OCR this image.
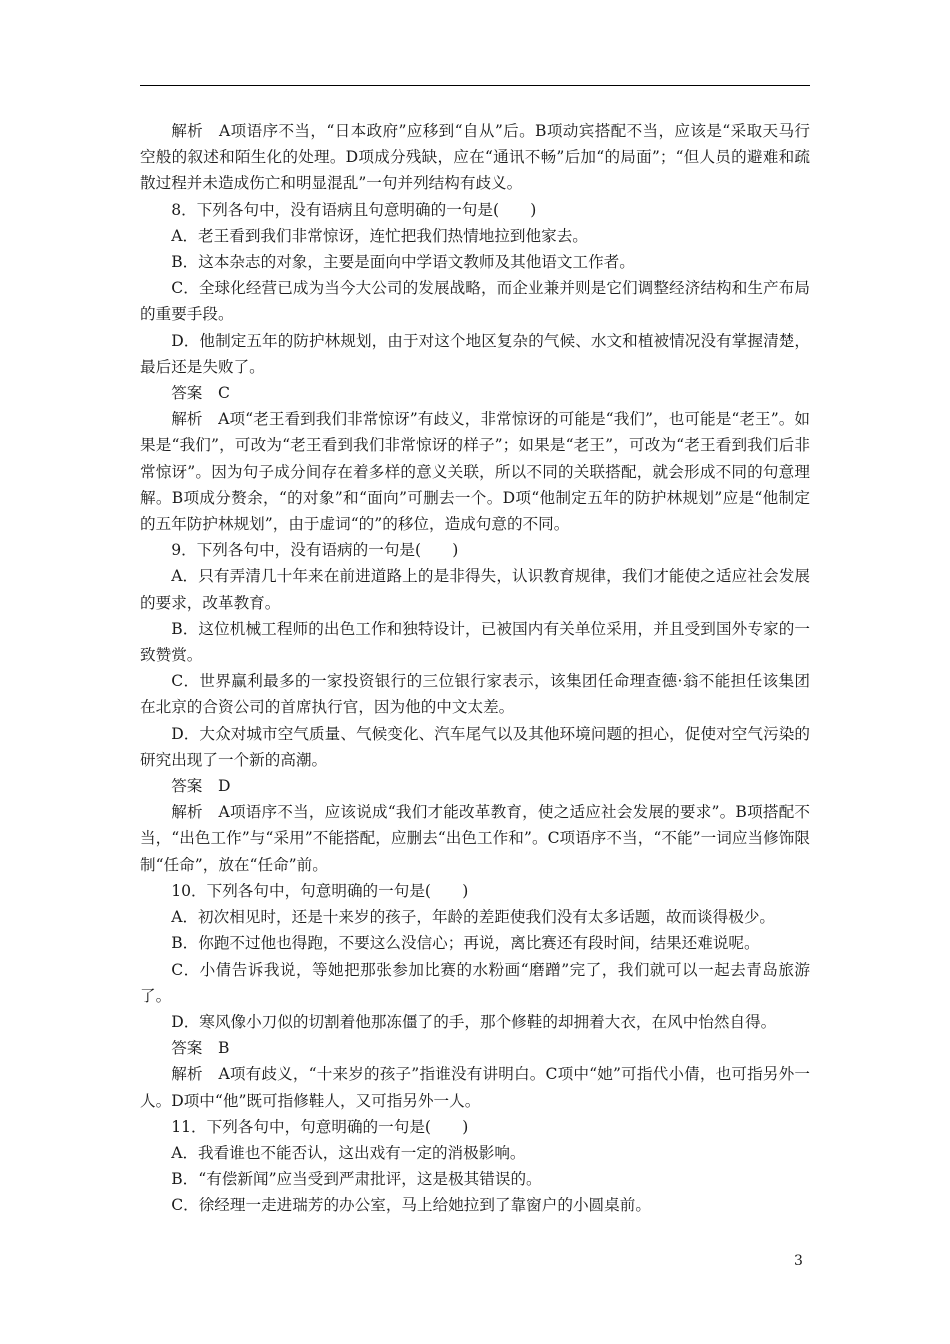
解析　A项语序不当，“日本政府”应移到“自从”后。B项动宾搭配不当，应该是“采取天马行空般的叙述和陌生化的处理。D项成分残缺，应在“通讯不畅”后加“的局面”；“但人员的避难和疏散过程并未造成伤亡和明显混乱”一句并列结构有歧义。

8．下列各句中，没有语病且句意明确的一句是(　　)

A．老王看到我们非常惊讶，连忙把我们热情地拉到他家去。

B．这本杂志的对象，主要是面向中学语文教师及其他语文工作者。

C．全球化经营已成为当今大公司的发展战略，而企业兼并则是它们调整经济结构和生产布局的重要手段。

D．他制定五年的防护林规划，由于对这个地区复杂的气候、水文和植被情况没有掌握清楚，最后还是失败了。

答案　C

解析　A项“老王看到我们非常惊讶”有歧义，非常惊讶的可能是“我们”，也可能是“老王”。如果是“我们”，可改为“老王看到我们非常惊讶的样子”；如果是“老王”，可改为“老王看到我们后非常惊讶”。因为句子成分间存在着多样的意义关联，所以不同的关联搭配，就会形成不同的句意理解。B项成分赘余，“的对象”和“面向”可删去一个。D项“他制定五年的防护林规划”应是“他制定的五年防护林规划”，由于虚词“的”的移位，造成句意的不同。

9．下列各句中，没有语病的一句是(　　)

A．只有弄清几十年来在前进道路上的是非得失，认识教育规律，我们才能使之适应社会发展的要求，改革教育。

B．这位机械工程师的出色工作和独特设计，已被国内有关单位采用，并且受到国外专家的一致赞赏。

C．世界赢利最多的一家投资银行的三位银行家表示，该集团任命理查德·翁不能担任该集团在北京的合资公司的首席执行官，因为他的中文太差。

D．大众对城市空气质量、气候变化、汽车尾气以及其他环境问题的担心，促使对空气污染的研究出现了一个新的高潮。

答案　D

解析　A项语序不当，应该说成“我们才能改革教育，使之适应社会发展的要求”。B项搭配不当，“出色工作”与“采用”不能搭配，应删去“出色工作和”。C项语序不当，“不能”一词应当修饰限制“任命”，放在“任命”前。

10．下列各句中，句意明确的一句是(　　)

A．初次相见时，还是十来岁的孩子，年龄的差距使我们没有太多话题，故而谈得极少。

B．你跑不过他也得跑，不要这么没信心；再说，离比赛还有段时间，结果还难说呢。

C．小倩告诉我说，等她把那张参加比赛的水粉画“磨蹭”完了，我们就可以一起去青岛旅游了。

D．寒风像小刀似的切割着他那冻僵了的手，那个修鞋的却拥着大衣，在风中怡然自得。

答案　B

解析　A项有歧义，“十来岁的孩子”指谁没有讲明白。C项中“她”可指代小倩，也可指另外一人。D项中“他”既可指修鞋人，又可指另外一人。

11．下列各句中，句意明确的一句是(　　)

A．我看谁也不能否认，这出戏有一定的消极影响。

B．“有偿新闻”应当受到严肃批评，这是极其错误的。

C．徐经理一走进瑞芳的办公室，马上给她拉到了靠窗户的小圆桌前。

3
